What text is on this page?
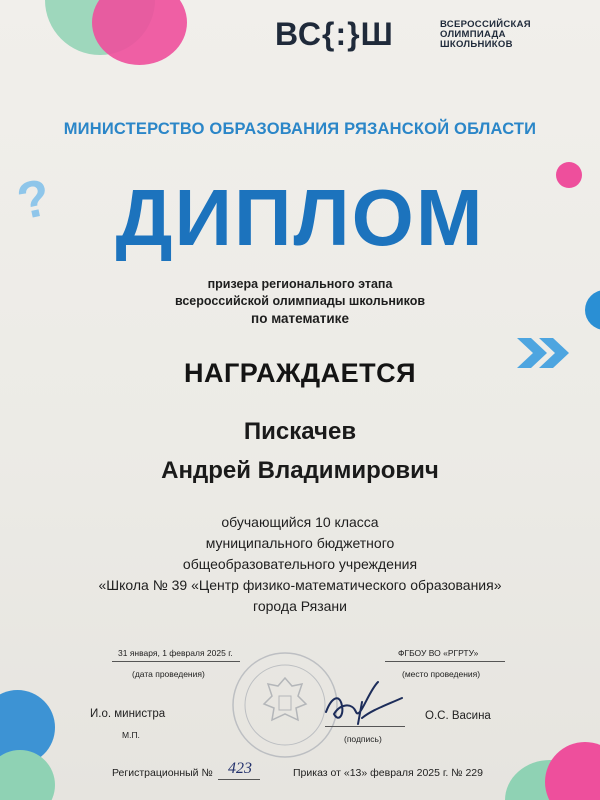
?
ВС{:}Ш	ВСЕРОССИЙСКАЯ
ОЛИМПИАДА
ШКОЛЬНИКОВ
МИНИСТЕРСТВО ОБРАЗОВАНИЯ РЯЗАНСКОЙ ОБЛАСТИ
ДИПЛОМ
призера регионального этапа
всероссийской олимпиады школьников
по математике
НАГРАЖДАЕТСЯ
Пискачев
Андрей Владимирович
обучающийся 10 класса
муниципального бюджетного
общеобразовательного учреждения
«Школа № 39 «Центр физико-математического образования»
города Рязани
31 января, 1 февраля 2025 г.
(дата проведения)
ФГБОУ ВО «РГРТУ»
(место проведения)
И.о. министра
М.П.	(подпись)
О.С. Васина
Регистрационный № 423	Приказ от «13» февраля 2025 г. № 229
